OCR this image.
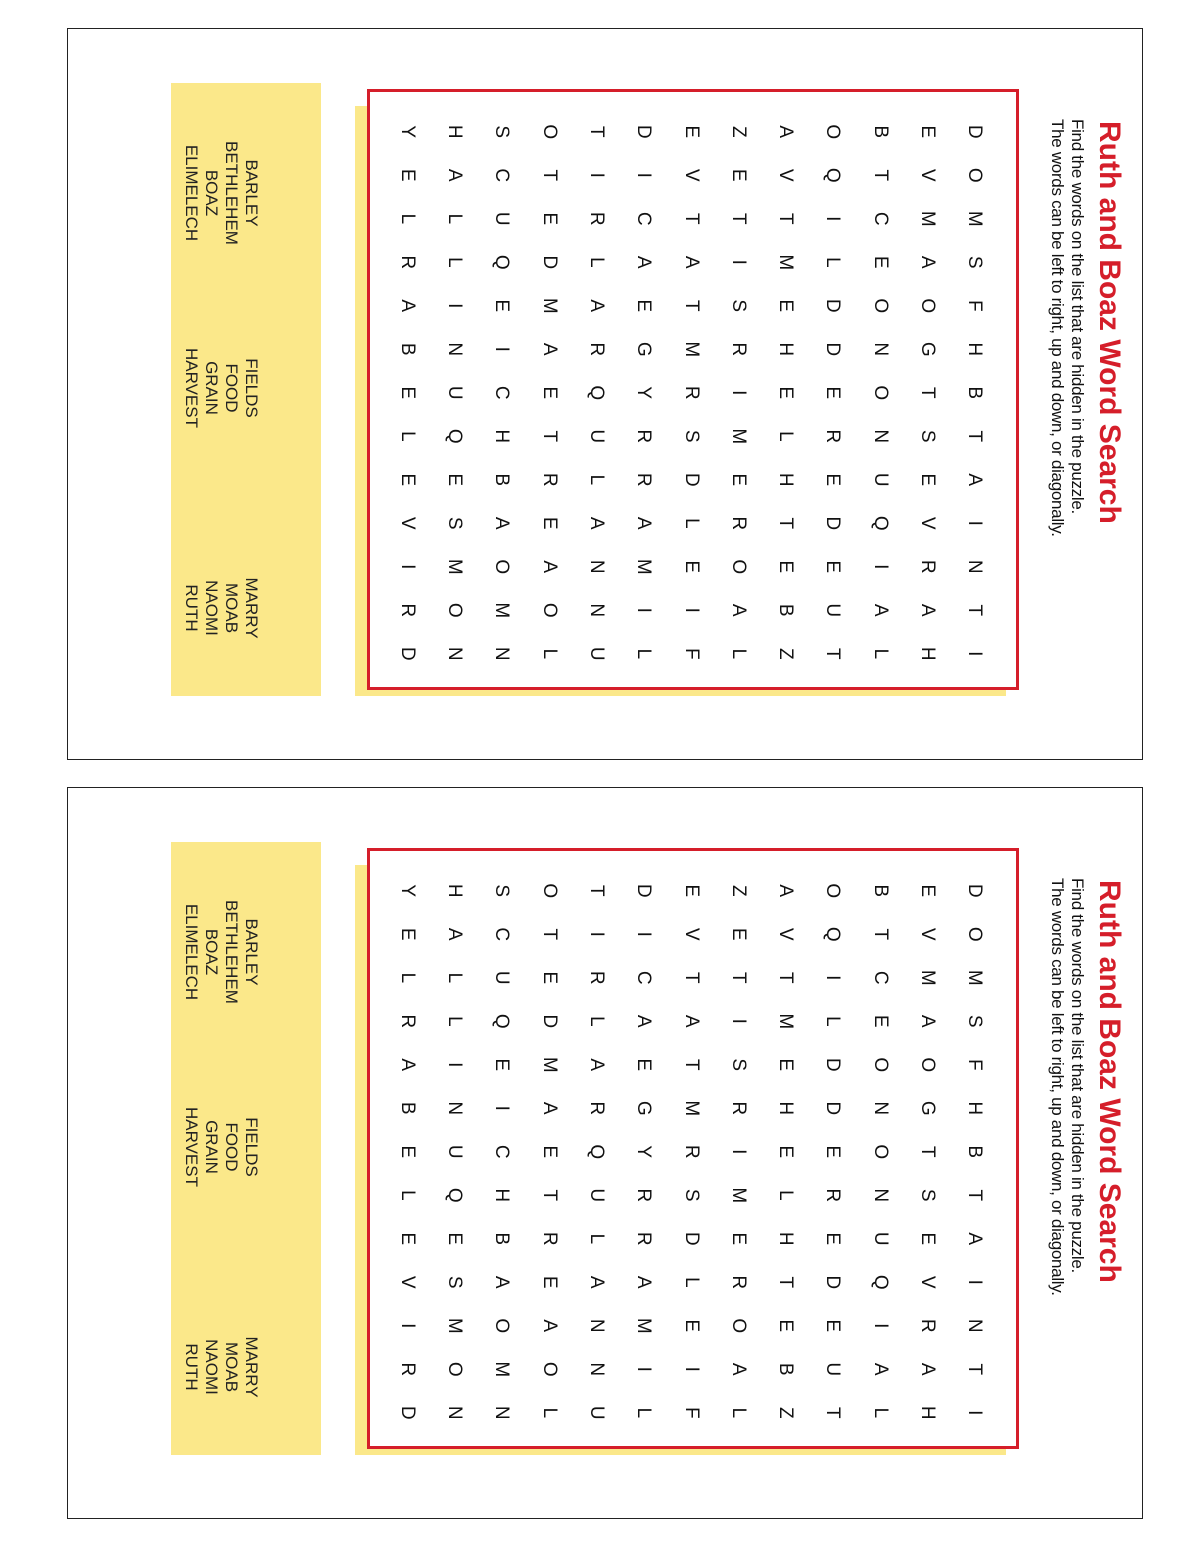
Ruth and Boaz Word Search
Find the words on the list that are hidden in the puzzle.
The words can be left to right, up and down, or diagonally.
D
O
M
S
F
H
B
T
A
I
N
T
I
E
V
M
A
O
G
T
S
E
V
R
A
H
B
T
C
E
O
N
O
N
U
Q
I
A
L
O
Q
I
L
D
D
E
R
E
D
E
U
T
A
V
T
M
E
H
E
L
H
T
E
B
Z
Z
E
T
I
S
R
I
M
E
R
O
A
L
E
V
T
A
T
M
R
S
D
L
E
I
F
D
I
C
A
E
G
Y
R
R
A
M
I
L
T
I
R
L
A
R
Q
U
L
A
N
N
U
O
T
E
D
M
A
E
T
R
E
A
O
L
S
C
U
Q
E
I
C
H
B
A
O
M
N
H
A
L
L
I
N
U
Q
E
S
M
O
N
Y
E
L
R
A
B
E
L
E
V
I
R
D
BARLEY
BETHLEHEM
BOAZ
ELIMELECH
FIELDS
FOOD
GRAIN
HARVEST
MARRY
MOAB
NAOMI
RUTH
Ruth and Boaz Word Search
Find the words on the list that are hidden in the puzzle.
The words can be left to right, up and down, or diagonally.
D
O
M
S
F
H
B
T
A
I
N
T
I
E
V
M
A
O
G
T
S
E
V
R
A
H
B
T
C
E
O
N
O
N
U
Q
I
A
L
O
Q
I
L
D
D
E
R
E
D
E
U
T
A
V
T
M
E
H
E
L
H
T
E
B
Z
Z
E
T
I
S
R
I
M
E
R
O
A
L
E
V
T
A
T
M
R
S
D
L
E
I
F
D
I
C
A
E
G
Y
R
R
A
M
I
L
T
I
R
L
A
R
Q
U
L
A
N
N
U
O
T
E
D
M
A
E
T
R
E
A
O
L
S
C
U
Q
E
I
C
H
B
A
O
M
N
H
A
L
L
I
N
U
Q
E
S
M
O
N
Y
E
L
R
A
B
E
L
E
V
I
R
D
BARLEY
BETHLEHEM
BOAZ
ELIMELECH
FIELDS
FOOD
GRAIN
HARVEST
MARRY
MOAB
NAOMI
RUTH
